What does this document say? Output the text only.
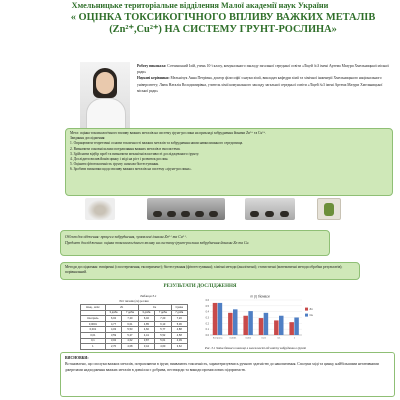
Хмельницьке територіальне відділення Малої академії наук України
« ОЦІНКА ТОКСИКОГІЧНОГО ВПЛИВУ ВАЖКИХ МЕТАЛІВ (Zn²⁺,Cu²⁺) НА СИСТЕМУ ГРУНТ-РОСЛИНА»
Роботу виконала: Сотчинський Ілій, учень 10-ї класу, комунального закладу загальної середньої освіти «Ліцей №3 імені Артема Мазури Хмельницької міської ради»
Наукові керівники: Мельнічук Анна Петрівна, доктор філософії з науки хімії, викладач кафедри хімії та хімічної інженерії Хмельницького національного університету; Лаюк Наталія Володимирівна, учитель хімії комунального закладу загальної середньої освіти «Ліцей №3 імені Артема Мазури Хмельницької міської ради»
Мета: оцінка токсикологічного впливу важких металів на систему ґрунт-рослина на прикладі забруднення йонами Zn²⁺ та Cu²⁺.
Завдання дослідження:
1. Опрацювати теоретичні основи токсичності важких металів та забруднення ними навколишнього середовища.
2. Визначити основні шляхи потрапляння важких металів в екосистеми.
3. Здійснити відбір проб та визначити механічні властивості досліджуваного ґрунту.
4. Дослідити вплив йонів цинку і міді на ріст і розвиток рослин.
5. Оцінити фітотоксичність ґрунту шляхом біотестування.
6. Зробити висновки щодо впливу важких металів на систему «ґрунт-рослина».
Об'єкт дослідження: процеси забруднення, зумовлені іонами Zn²⁺ та Cu²⁺.
Предмет дослідження: оцінка токсикологічного впливу на систему ґрунт-рослина забруднення йонами Zn та Cu.
Методи дослідження: емпіричні (спостереження, експеримент); біотестування (фітотестування); хімічні методи (аналітичні); статистичні (математичні методи обробки результатів); порівняльний.
РЕЗУЛЬТАТИ ДОСЛІДЖЕННЯ
Таблиця 3.1
Ріст пагонів (см) рослин
Конц., мг/кг	Zn		Cu		Суміш
	3 доба	7 доба	3 доба	7 доба	7 доба
Контроль	6,02	7,20	6,02	7,20	7,20
0,0001	4,77	6,01	4,85	6,13	5,06
0,001	4,03	5,53	4,60	5,77	4,88
0,01	3,59	5,27	4,41	5,52	4,58
0,1	3,02	4,62	3,87	5,01	4,09
1	2,70	4,08	3,44	4,60	3,62
m (г) біомаси
0.0
0.1
0.2
0.3
0.4
0.5
0.6
Контроль	0,0001	0,001	0,01	0,1	1
Zn
Cu
Рис. 3.1 Зміна біомаси пшениці в залежності від вмісту забрудника в ґрунті
ВИСНОВКИ:
Встановлено, що сполуки важких металів, потрапляючи в ґрунт, виявляють токсичність, характеризуючись ручною здатністю до накопичення. Сполуки міді та цинку, найбільшими негативними джерелами надходження важких металів в довкілля є добрива, пестициди та викиди промислових підприємств.
